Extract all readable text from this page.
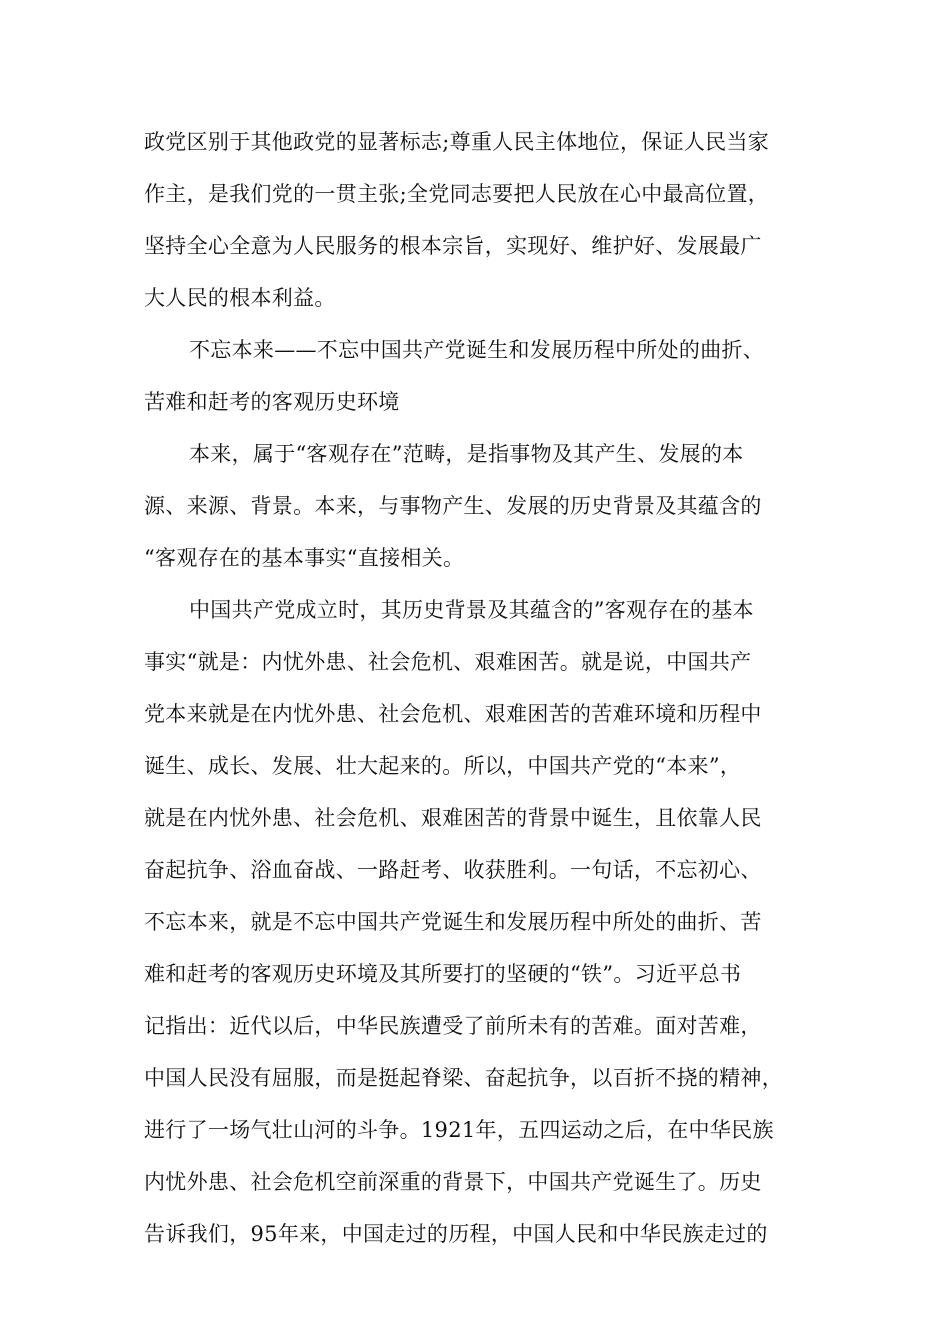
政党区别于其他政党的显著标志;尊重人民主体地位，保证人民当家
作主，是我们党的一贯主张;全党同志要把人民放在心中最高位置，
坚持全心全意为人民服务的根本宗旨，实现好、维护好、发展最广
大人民的根本利益。
不忘本来——不忘中国共产党诞生和发展历程中所处的曲折、
苦难和赶考的客观历史环境
本来，属于“客观存在”范畴，是指事物及其产生、发展的本
源、来源、背景。本来，与事物产生、发展的历史背景及其蕴含的
“客观存在的基本事实“直接相关。
中国共产党成立时，其历史背景及其蕴含的”客观存在的基本
事实“就是：内忧外患、社会危机、艰难困苦。就是说，中国共产
党本来就是在内忧外患、社会危机、艰难困苦的苦难环境和历程中
诞生、成长、发展、壮大起来的。所以，中国共产党的“本来”，
就是在内忧外患、社会危机、艰难困苦的背景中诞生，且依靠人民
奋起抗争、浴血奋战、一路赶考、收获胜利。一句话，不忘初心、
不忘本来，就是不忘中国共产党诞生和发展历程中所处的曲折、苦
难和赶考的客观历史环境及其所要打的坚硬的“铁”。习近平总书
记指出：近代以后，中华民族遭受了前所未有的苦难。面对苦难，
中国人民没有屈服，而是挺起脊梁、奋起抗争，以百折不挠的精神，
进行了一场气壮山河的斗争。1921年，五四运动之后，在中华民族
内忧外患、社会危机空前深重的背景下，中国共产党诞生了。历史
告诉我们，95年来，中国走过的历程，中国人民和中华民族走过的
